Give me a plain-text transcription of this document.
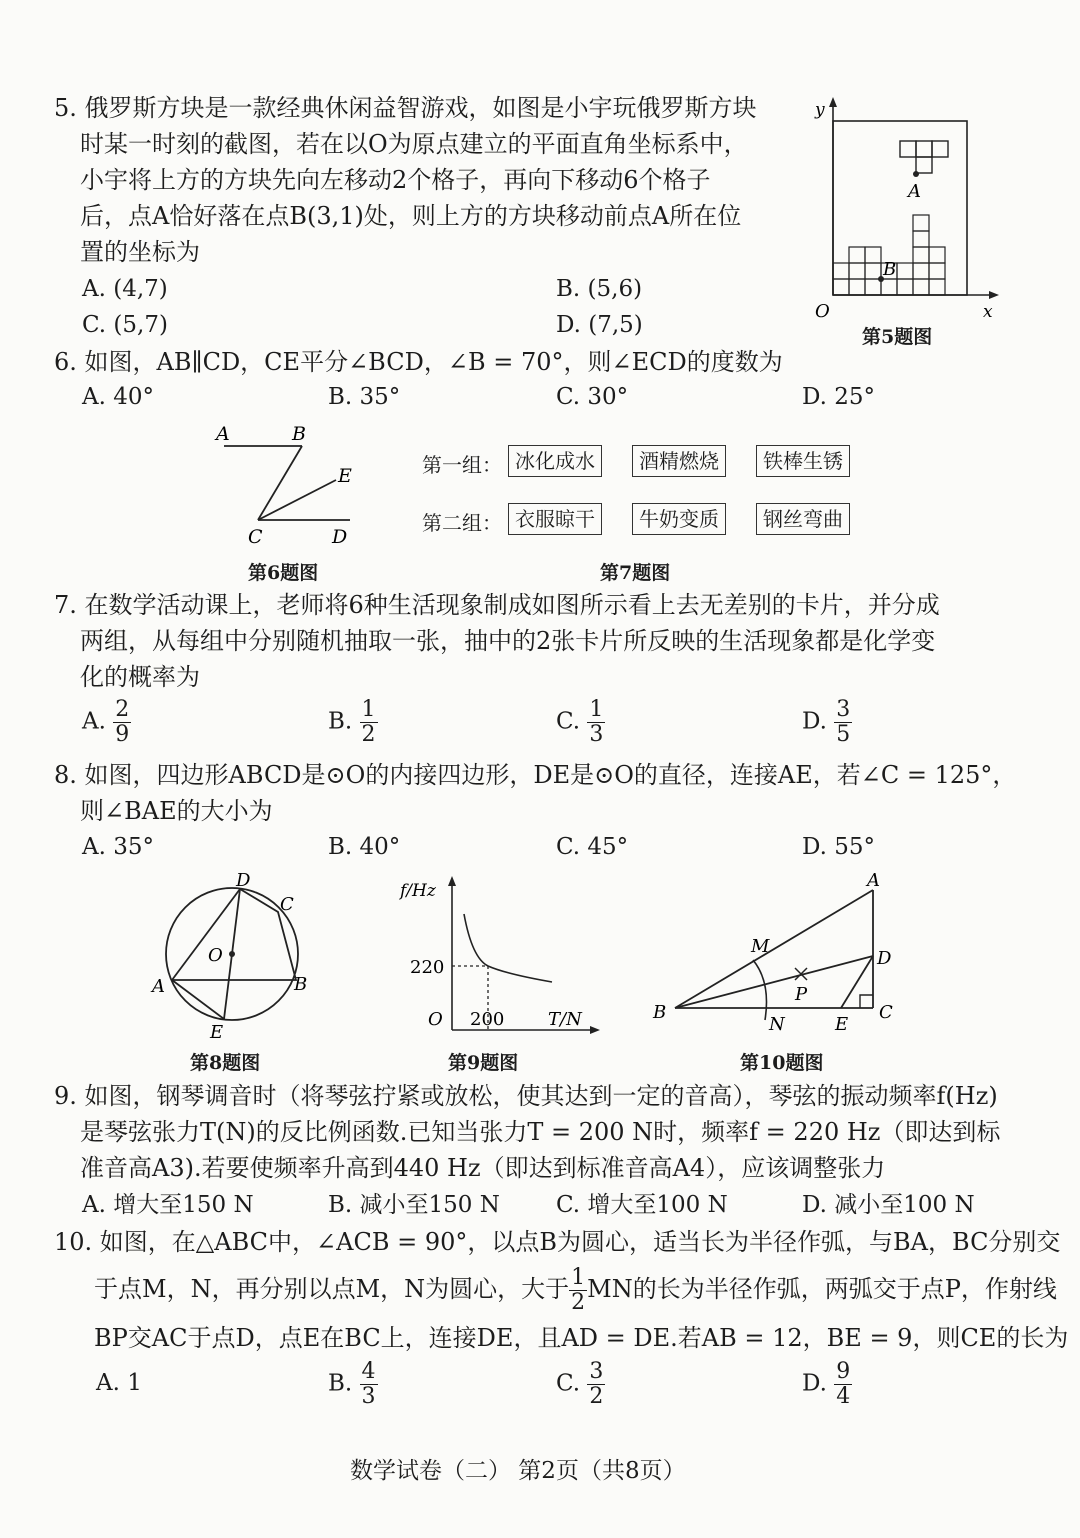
5. 俄罗斯方块是一款经典休闲益智游戏，如图是小宇玩俄罗斯方块
时某一时刻的截图，若在以O为原点建立的平面直角坐标系中，
小宇将上方的方块先向左移动2个格子，再向下移动6个格子
后，点A恰好落在点B(3,1)处，则上方的方块移动前点A所在位
置的坐标为
A. (4,7)	B. (5,6)
C. (5,7)	D. (7,5)
y
x
O
A
B
第5题图
6. 如图，AB∥CD，CE平分∠BCD，∠B = 70°，则∠ECD的度数为
A. 40°	B. 35°	C. 30°	D. 25°
A	B
E
C	D
第6题图
第一组： 冰化成水	酒精燃烧	铁棒生锈
第二组： 衣服晾干	牛奶变质	钢丝弯曲
第7题图
7. 在数学活动课上，老师将6种生活现象制成如图所示看上去无差别的卡片，并分成
两组，从每组中分别随机抽取一张，抽中的2张卡片所反映的生活现象都是化学变
化的概率为
A. $\frac{2}{9}$	B. $\frac{1}{2}$	C. $\frac{1}{3}$	D. $\frac{3}{5}$
8. 如图，四边形ABCD是⊙O的内接四边形，DE是⊙O的直径，连接AE，若∠C = 125°，
则∠BAE的大小为
A. 35°	B. 40°	C. 45°	D. 55°
D
C
O
A	B
E
第8题图
f/Hz
220
O 200 T/N
第9题图
A
M
D
P
B
N	E
C
第10题图
9. 如图，钢琴调音时（将琴弦拧紧或放松，使其达到一定的音高），琴弦的振动频率f(Hz)
是琴弦张力T(N)的反比例函数.已知当张力T = 200 N时，频率f = 220 Hz（即达到标
准音高A3).若要使频率升高到440 Hz（即达到标准音高A4），应该调整张力
A. 增大至150 N	B. 减小至150 N C. 增大至100 N	D. 减小至100 N
10. 如图，在△ABC中，∠ACB = 90°，以点B为圆心，适当长为半径作弧，与BA，BC分别交
于点M，N，再分别以点M，N为圆心，大于 $\frac{1}{2}$ MN的长为半径作弧，两弧交于点P，作射线
BP交AC于点D，点E在BC上，连接DE，且AD = DE.若AB = 12，BE = 9，则CE的长为
A. 1	B. $\frac{4}{3}$	C. $\frac{3}{2}$	D. $\frac{9}{4}$
数学试卷（二） 第2页（共8页）
